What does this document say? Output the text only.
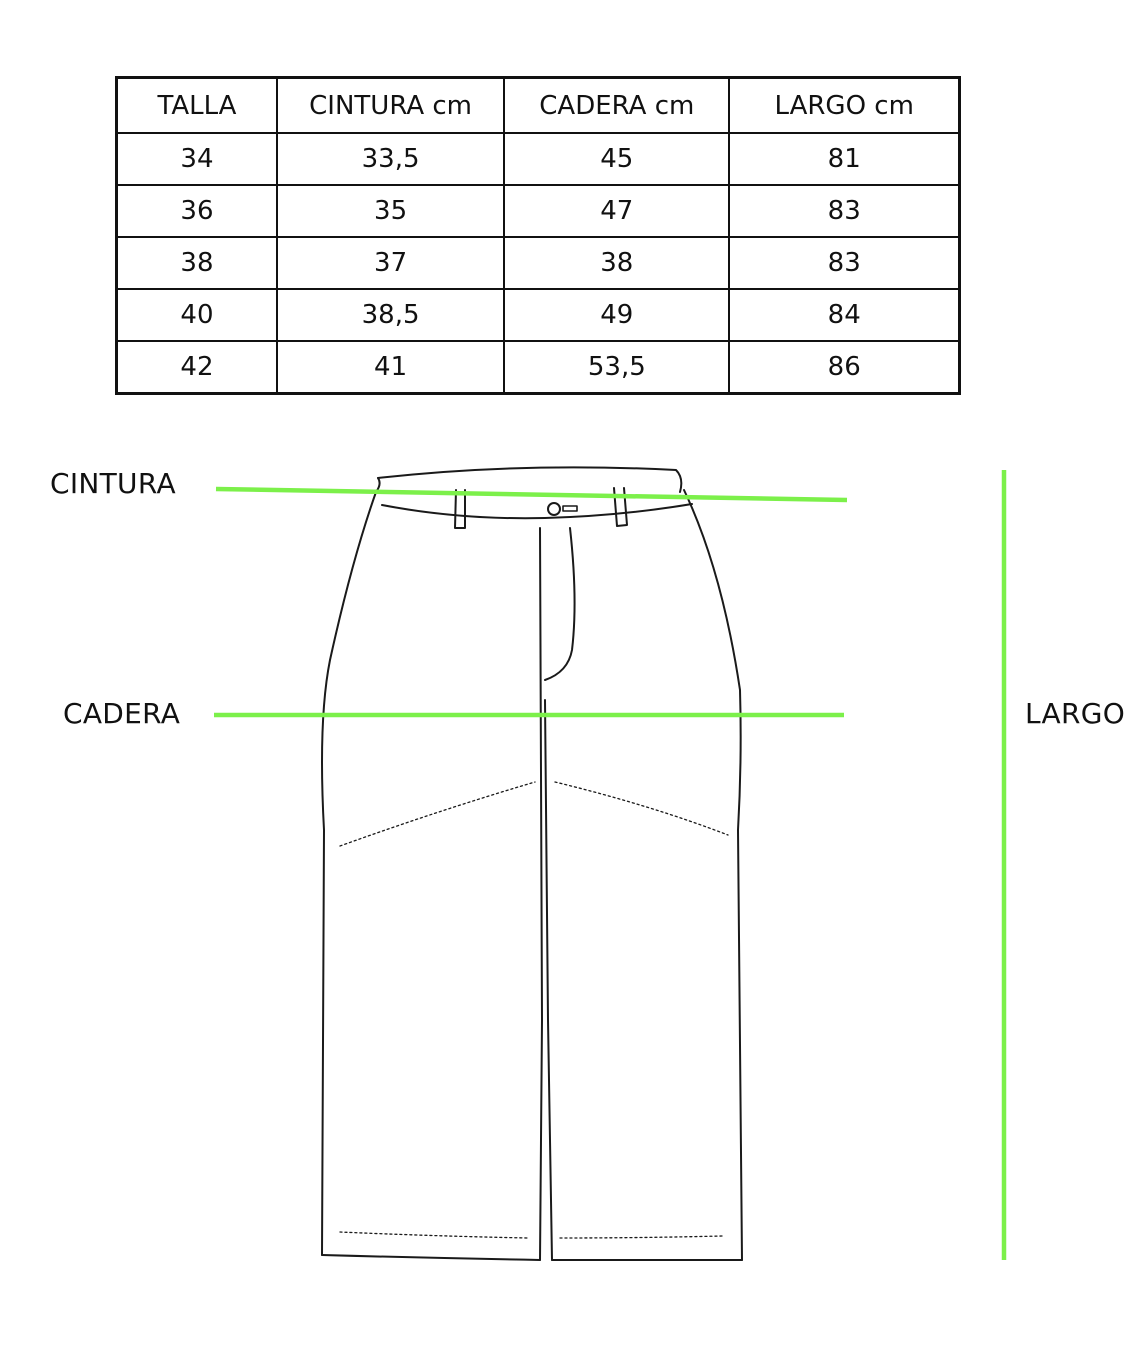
TALLA	CINTURA cm	CADERA cm	LARGO cm
34	33,5	45	81
36	35	47	83
38	37	38	83
40	38,5	49	84
42	41	53,5	86
CINTURA
CADERA	LARGO
